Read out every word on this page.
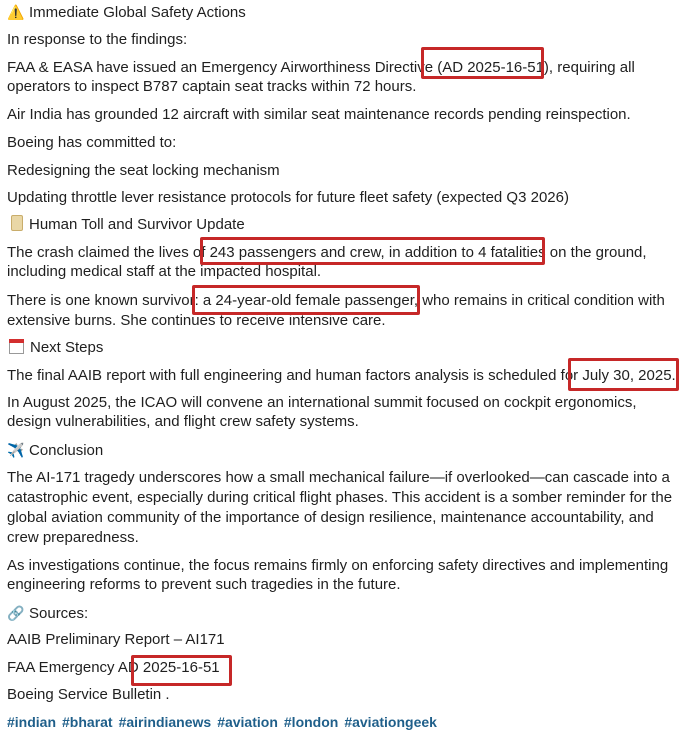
⚠️ Immediate Global Safety Actions
In response to the findings:
FAA & EASA have issued an Emergency Airworthiness Directive (AD 2025-16-51), requiring all
operators to inspect B787 captain seat tracks within 72 hours.
Air India has grounded 12 aircraft with similar seat maintenance records pending reinspection.
Boeing has committed to:
Redesigning the seat locking mechanism
Updating throttle lever resistance protocols for future fleet safety (expected Q3 2026)
Human Toll and Survivor Update
The crash claimed the lives of 243 passengers and crew, in addition to 4 fatalities on the ground,
including medical staff at the impacted hospital.
There is one known survivor: a 24-year-old female passenger, who remains in critical condition with
extensive burns. She continues to receive intensive care.
Next Steps
The final AAIB report with full engineering and human factors analysis is scheduled for July 30, 2025.
In August 2025, the ICAO will convene an international summit focused on cockpit ergonomics,
design vulnerabilities, and flight crew safety systems.
✈️ Conclusion
The AI-171 tragedy underscores how a small mechanical failure—if overlooked—can cascade into a
catastrophic event, especially during critical flight phases. This accident is a somber reminder for the
global aviation community of the importance of design resilience, maintenance accountability, and
crew preparedness.
As investigations continue, the focus remains firmly on enforcing safety directives and implementing
engineering reforms to prevent such tragedies in the future.
🔗 Sources:
AAIB Preliminary Report – AI171
FAA Emergency AD 2025-16-51
Boeing Service Bulletin .
#indian #bharat #airindianews #aviation #london #aviationgeek
